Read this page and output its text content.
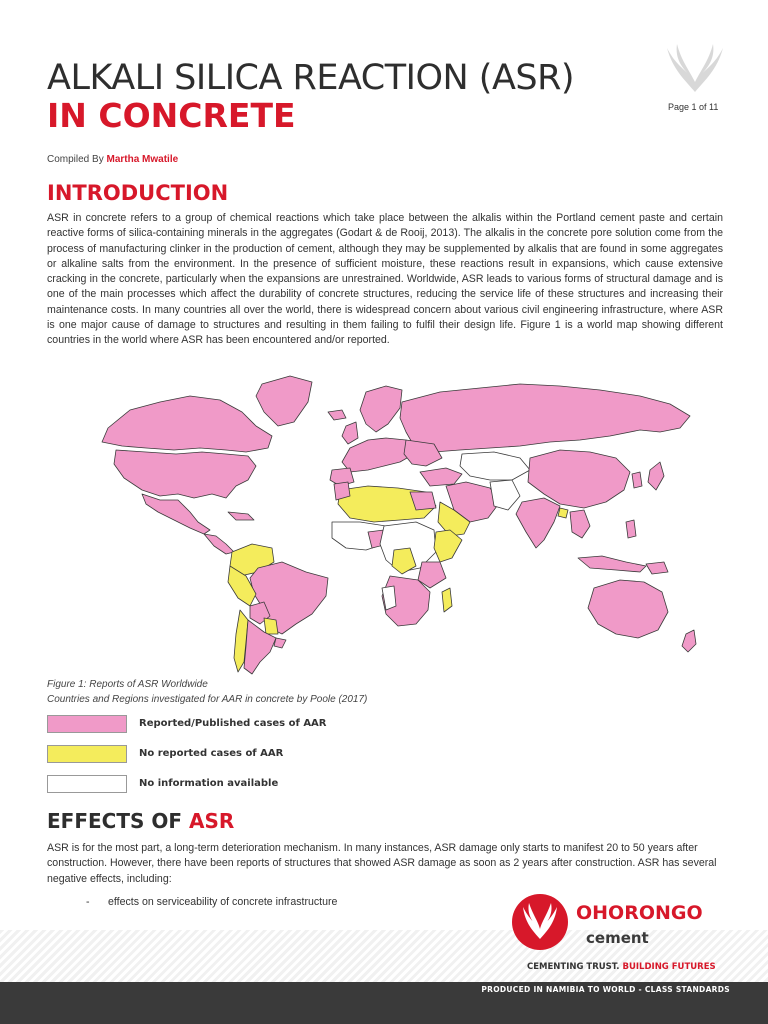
ALKALI SILICA REACTION (ASR)
IN CONCRETE	Page 1 of 11
Compiled By Martha Mwatile
INTRODUCTION
ASR in concrete refers to a group of chemical reactions which take place between the alkalis within the Portland cement paste and certain reactive forms of silica-containing minerals in the aggregates (Godart & de Rooij, 2013). The alkalis in the concrete pore solution come from the process of manufacturing clinker in the production of cement, although they may be supplemented by alkalis that are found in some aggregates or alkaline salts from the environment. In the presence of sufficient moisture, these reactions result in expansions, which cause extensive cracking in the concrete, particularly when the expansions are unrestrained. Worldwide, ASR leads to various forms of structural damage and is one of the main processes which affect the durability of concrete structures, reducing the service life of these structures and increasing their maintenance costs. In many countries all over the world, there is widespread concern about various civil engineering infrastructure, where ASR is one major cause of damage to structures and resulting in them failing to fulfil their design life. Figure 1 is a world map showing different countries in the world where ASR has been encountered and/or reported.
Figure 1: Reports of ASR Worldwide
Countries and Regions investigated for AAR in concrete by Poole (2017)
Reported/Published cases of AAR
No reported cases of AAR
No information available
EFFECTS OF ASR
ASR is for the most part, a long-term deterioration mechanism. In many instances, ASR damage only starts to manifest 20 to 50 years after construction. However, there have been reports of structures that showed ASR damage as soon as 2 years after construction. ASR has several negative effects, including:
- effects on serviceability of concrete infrastructure	OHORONGO
cement
CEMENTING TRUST. BUILDING FUTURES
PRODUCED IN NAMIBIA TO WORLD - CLASS STANDARDS
